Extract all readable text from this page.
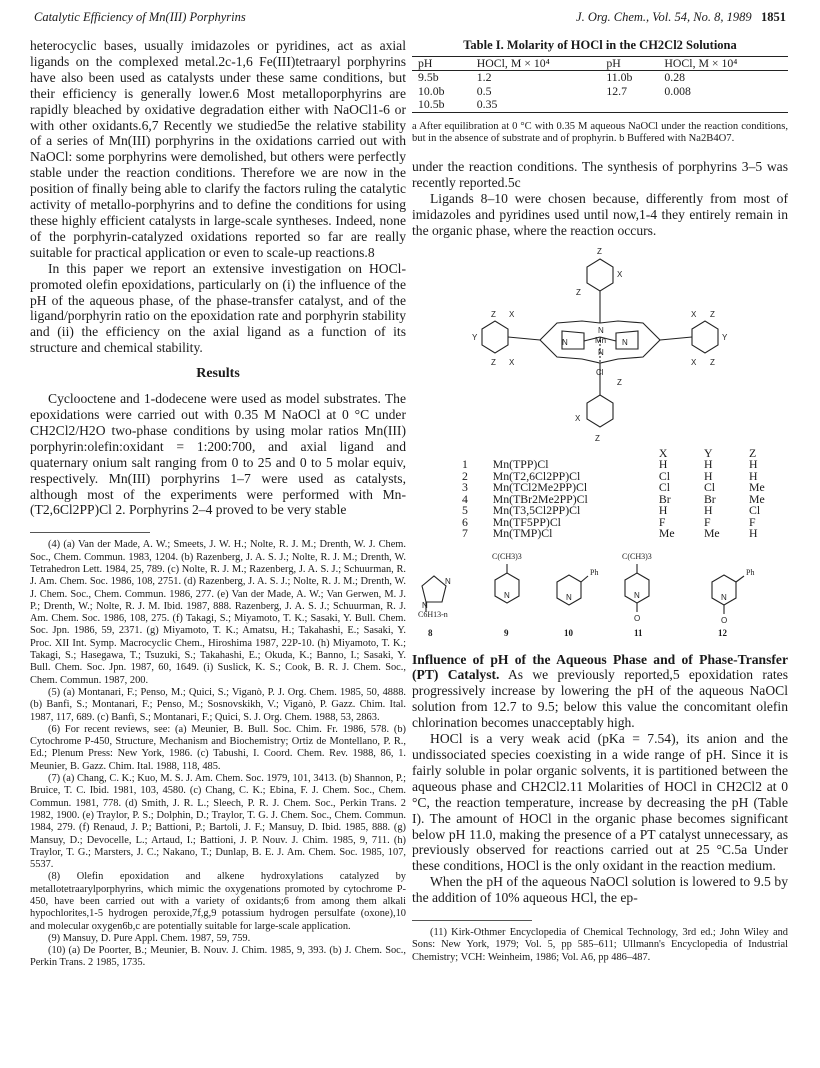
Catalytic Efficiency of Mn(III) Porphyrins	J. Org. Chem., Vol. 54, No. 8, 1989 1851

heterocyclic bases, usually imidazoles or pyridines, act as axial ligands on the complexed metal.2c-1,6 Fe(III)tetraaryl porphyrins have also been used as catalysts under these same conditions, but their efficiency is generally lower.6 Most metalloporphyrins are rapidly bleached by oxidative degradation either with NaOCl1-6 or with other oxidants.6,7 Recently we studied5e the relative stability of a series of Mn(III) porphyrins in the oxidations carried out with NaOCl: some porphyrins were demolished, but others were perfectly stable under the reaction conditions. Therefore we are now in the position of finally being able to clarify the factors ruling the catalytic activity of metallo-porphyrins and to define the conditions for using these highly efficient catalysts in large-scale syntheses. Indeed, none of the porphyrin-catalyzed oxidations reported so far are really suitable for practical application or even to scale-up reactions.8

In this paper we report an extensive investigation on HOCl-promoted olefin epoxidations, particularly on (i) the influence of the pH of the aqueous phase, of the phase-transfer catalyst, and of the ligand/porphyrin ratio on the epoxidation rate and porphyrin stability and (ii) the efficiency on the axial ligand as a function of its structure and chemical stability.

Results

Cyclooctene and 1-dodecene were used as model substrates. The epoxidations were carried out with 0.35 M NaOCl at 0 °C under CH2Cl2/H2O two-phase conditions by using molar ratios Mn(III) porphyrin:olefin:oxidant = 1:200:700, and axial ligand and quaternary onium salt ranging from 0 to 25 and 0 to 5 molar equiv, respectively. Mn(III) porphyrins 1–7 were used as catalysts, although most of the experiments were performed with Mn-(T2,6Cl2PP)Cl 2. Porphyrins 2–4 proved to be very stable

(4) (a) Van der Made, A. W.; Smeets, J. W. H.; Nolte, R. J. M.; Drenth, W. J. Chem. Soc., Chem. Commun. 1983, 1204. (b) Razenberg, J. A. S. J.; Nolte, R. J. M.; Drenth, W. Tetrahedron Lett. 1984, 25, 789. (c) Nolte, R. J. M.; Razenberg, J. A. S. J.; Schuurman, R. J. Am. Chem. Soc. 1986, 108, 2751. (d) Razenberg, J. A. S. J.; Nolte, R. J. M.; Drenth, W. J. Chem. Soc., Chem. Commun. 1986, 277. (e) Van der Made, A. W.; Van Gerwen, M. J. P.; Drenth, W.; Nolte, R. J. M. Ibid. 1987, 888. Razenberg, J. A. S. J.; Schuurman, R. J. Am. Chem. Soc. 1986, 108, 275. (f) Takagi, S.; Miyamoto, T. K.; Sasaki, Y. Bull. Chem. Soc. Jpn. 1986, 59, 2371. (g) Miyamoto, T. K.; Amatsu, H.; Takahashi, E.; Sasaki, Y. Proc. XII Int. Symp. Macrocyclic Chem., Hiroshima 1987, 22P-10. (h) Miyamoto, T. K.; Takagi, S.; Hasegawa, T.; Tsuzuki, S.; Takahashi, E.; Okuda, K.; Banno, I.; Sasaki, Y. Bull. Chem. Soc. Jpn. 1987, 60, 1649. (i) Suslick, K. S.; Cook, B. R. J. Chem. Soc., Chem. Commun. 1987, 200.

(5) (a) Montanari, F.; Penso, M.; Quici, S.; Viganò, P. J. Org. Chem. 1985, 50, 4888. (b) Banfi, S.; Montanari, F.; Penso, M.; Sosnovskikh, V.; Viganò, P. Gazz. Chim. Ital. 1987, 117, 689. (c) Banfi, S.; Montanari, F.; Quici, S. J. Org. Chem. 1988, 53, 2863.

(6) For recent reviews, see: (a) Meunier, B. Bull. Soc. Chim. Fr. 1986, 578. (b) Cytochrome P-450, Structure, Mechanism and Biochemistry; Ortiz de Montellano, P. R., Ed.; Plenum Press: New York, 1986. (c) Tabushi, I. Coord. Chem. Rev. 1988, 86, 1. Meunier, B. Gazz. Chim. Ital. 1988, 118, 485.

(7) (a) Chang, C. K.; Kuo, M. S. J. Am. Chem. Soc. 1979, 101, 3413. (b) Shannon, P.; Bruice, T. C. Ibid. 1981, 103, 4580. (c) Chang, C. K.; Ebina, F. J. Chem. Soc., Chem. Commun. 1981, 778. (d) Smith, J. R. L.; Sleech, P. R. J. Chem. Soc., Perkin Trans. 2 1982, 1900. (e) Traylor, P. S.; Dolphin, D.; Traylor, T. G. J. Chem. Soc., Chem. Commun. 1984, 279. (f) Renaud, J. P.; Battioni, P.; Bartoli, J. F.; Mansuy, D. Ibid. 1985, 888. (g) Mansuy, D.; Devocelle, L.; Artaud, I.; Battioni, J. P. Nouv. J. Chim. 1985, 9, 711. (h) Traylor, T. G.; Marsters, J. C.; Nakano, T.; Dunlap, B. E. J. Am. Chem. Soc. 1985, 107, 5537.

(8) Olefin epoxidation and alkene hydroxylations catalyzed by metallotetraarylporphyrins, which mimic the oxygenations promoted by cytochrome P-450, have been carried out with a variety of oxidants;6 from among them alkali hypochlorites,1-5 hydrogen peroxide,7f,g,9 potassium hydrogen persulfate (oxone),10 and molecular oxygen6b,c are potentially suitable for large-scale application.

(9) Mansuy, D. Pure Appl. Chem. 1987, 59, 759.

(10) (a) De Poorter, B.; Meunier, B. Nouv. J. Chim. 1985, 9, 393. (b) J. Chem. Soc., Perkin Trans. 2 1985, 1735.

Table I. Molarity of HOCl in the CH2Cl2 Solutiona
pH	HOCl, M × 10⁴	pH	HOCl, M × 10⁴
9.5b	1.2	11.0b	0.28
10.0b	0.5	12.7	0.008
10.5b	0.35		

a After equilibration at 0 °C with 0.35 M aqueous NaOCl under the reaction conditions, but in the absence of substrate and of prophyrin. b Buffered with Na2B4O7.

under the reaction conditions. The synthesis of porphyrins 3–5 was recently reported.5c

Ligands 8–10 were chosen because, differently from most of imidazoles and pyridines used until now,1-4 they entirely remain in the organic phase, where the reaction occurs.

Z
X
Z
Mn
N	N
N
N
Cl
Z
X
Z
Y
Z X
Z X
Y
X Z
X Z
		X	Y	Z
1	Mn(TPP)Cl	H	H	H
2	Mn(T2,6Cl2PP)Cl	Cl	H	H
3	Mn(TCl2Me2PP)Cl	Cl	Cl	Me
4	Mn(TBr2Me2PP)Cl	Br	Br	Me
5	Mn(T3,5Cl2PP)Cl	H	H	Cl
6	Mn(TF5PP)Cl	F	F	F
7	Mn(TMP)Cl	Me	Me	H
N
N
N	N	N
O
N
O
C6H13-n
C(CH3)3
Ph
C(CH3)3
Ph
8	9	10	11	12
Influence of pH of the Aqueous Phase and of Phase-Transfer (PT) Catalyst. As we previously reported,5 epoxidation rates progressively increase by lowering the pH of the aqueous NaOCl solution from 12.7 to 9.5; below this value the concomitant olefin chlorination becomes unacceptably high.

HOCl is a very weak acid (pKa = 7.54), its anion and the undissociated species coexisting in a wide range of pH. Since it is fairly soluble in polar organic solvents, it is partitioned between the aqueous phase and CH2Cl2.11 Molarities of HOCl in CH2Cl2 at 0 °C, the reaction temperature, increase by decreasing the pH (Table I). The amount of HOCl in the organic phase becomes significant below pH 11.0, making the presence of a PT catalyst unnecessary, as previously observed for reactions carried out at 25 °C.5a Under these conditions, HOCl is the only oxidant in the reaction medium.

When the pH of the aqueous NaOCl solution is lowered to 9.5 by the addition of 10% aqueous HCl, the ep-

(11) Kirk-Othmer Encyclopedia of Chemical Technology, 3rd ed.; John Wiley and Sons: New York, 1979; Vol. 5, pp 585–611; Ullmann's Encyclopedia of Industrial Chemistry; VCH: Weinheim, 1986; Vol. A6, pp 486–487.
